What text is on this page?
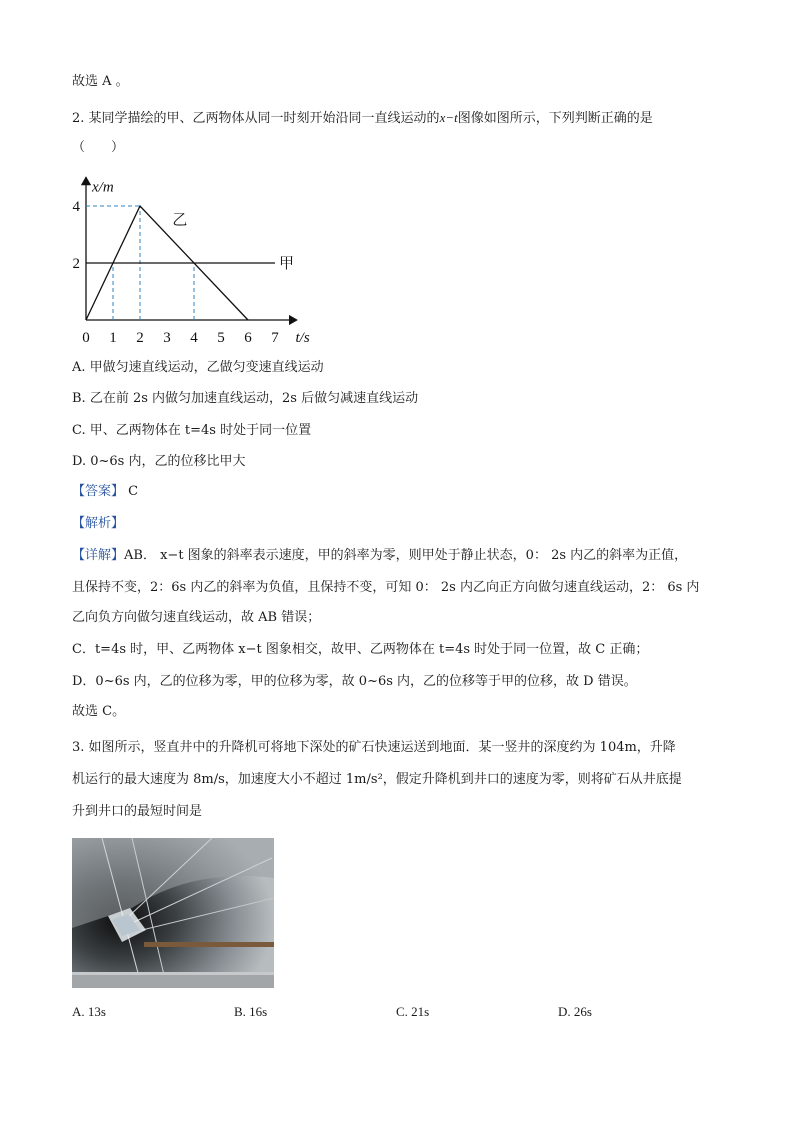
故选 A 。
2. 某同学描绘的甲、乙两物体从同一时刻开始沿同一直线运动的x−t图像如图所示，下列判断正确的是
（　　）
0 1 2 3 4 5 6 7
2
4
t/s
x/m
甲
乙
A. 甲做匀速直线运动，乙做匀变速直线运动
B. 乙在前 2s 内做匀加速直线运动，2s 后做匀减速直线运动
C. 甲、乙两物体在 t=4s 时处于同一位置
D. 0~6s 内，乙的位移比甲大
【答案】 C
【解析】
【详解】AB． x−t 图象的斜率表示速度，甲的斜率为零，则甲处于静止状态，0： 2s 内乙的斜率为正值，
且保持不变，2：6s 内乙的斜率为负值，且保持不变，可知 0： 2s 内乙向正方向做匀速直线运动，2： 6s 内
乙向负方向做匀速直线运动，故 AB 错误；
C．t=4s 时，甲、乙两物体 x−t 图象相交，故甲、乙两物体在 t=4s 时处于同一位置，故 C 正确；
D．0~6s 内，乙的位移为零，甲的位移为零，故 0~6s 内，乙的位移等于甲的位移，故 D 错误。
故选 C。
3. 如图所示，竖直井中的升降机可将地下深处的矿石快速运送到地面．某一竖井的深度约为 104m，升降
机运行的最大速度为 8m/s，加速度大小不超过 1m/s²，假定升降机到井口的速度为零，则将矿石从井底提
升到井口的最短时间是
A. 13s	B. 16s	C. 21s	D. 26s
